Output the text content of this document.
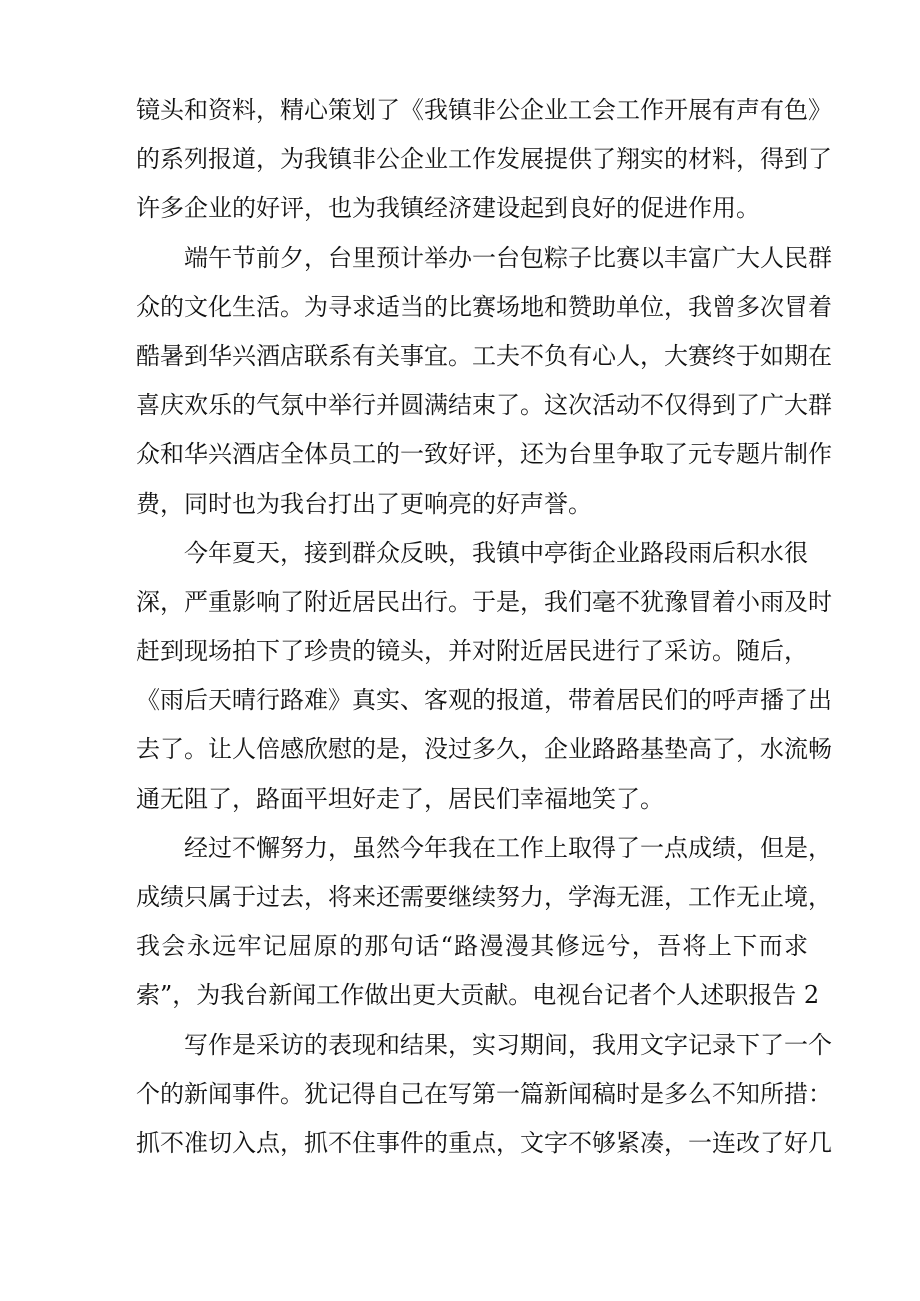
镜头和资料，精心策划了《我镇非公企业工会工作开展有声有色》
的系列报道，为我镇非公企业工作发展提供了翔实的材料，得到了
许多企业的好评，也为我镇经济建设起到良好的促进作用。
端午节前夕，台里预计举办一台包粽子比赛以丰富广大人民群
众的文化生活。为寻求适当的比赛场地和赞助单位，我曾多次冒着
酷暑到华兴酒店联系有关事宜。工夫不负有心人，大赛终于如期在
喜庆欢乐的气氛中举行并圆满结束了。这次活动不仅得到了广大群
众和华兴酒店全体员工的一致好评，还为台里争取了元专题片制作
费，同时也为我台打出了更响亮的好声誉。
今年夏天，接到群众反映，我镇中亭街企业路段雨后积水很
深，严重影响了附近居民出行。于是，我们毫不犹豫冒着小雨及时
赶到现场拍下了珍贵的镜头，并对附近居民进行了采访。随后，
《雨后天晴行路难》真实、客观的报道，带着居民们的呼声播了出
去了。让人倍感欣慰的是，没过多久，企业路路基垫高了，水流畅
通无阻了，路面平坦好走了，居民们幸福地笑了。
经过不懈努力，虽然今年我在工作上取得了一点成绩，但是，
成绩只属于过去，将来还需要继续努力，学海无涯，工作无止境，
我会永远牢记屈原的那句话“路漫漫其修远兮，吾将上下而求
索”，为我台新闻工作做出更大贡献。电视台记者个人述职报告 2
写作是采访的表现和结果，实习期间，我用文字记录下了一个
个的新闻事件。犹记得自己在写第一篇新闻稿时是多么不知所措：
抓不准切入点，抓不住事件的重点，文字不够紧凑，一连改了好几
